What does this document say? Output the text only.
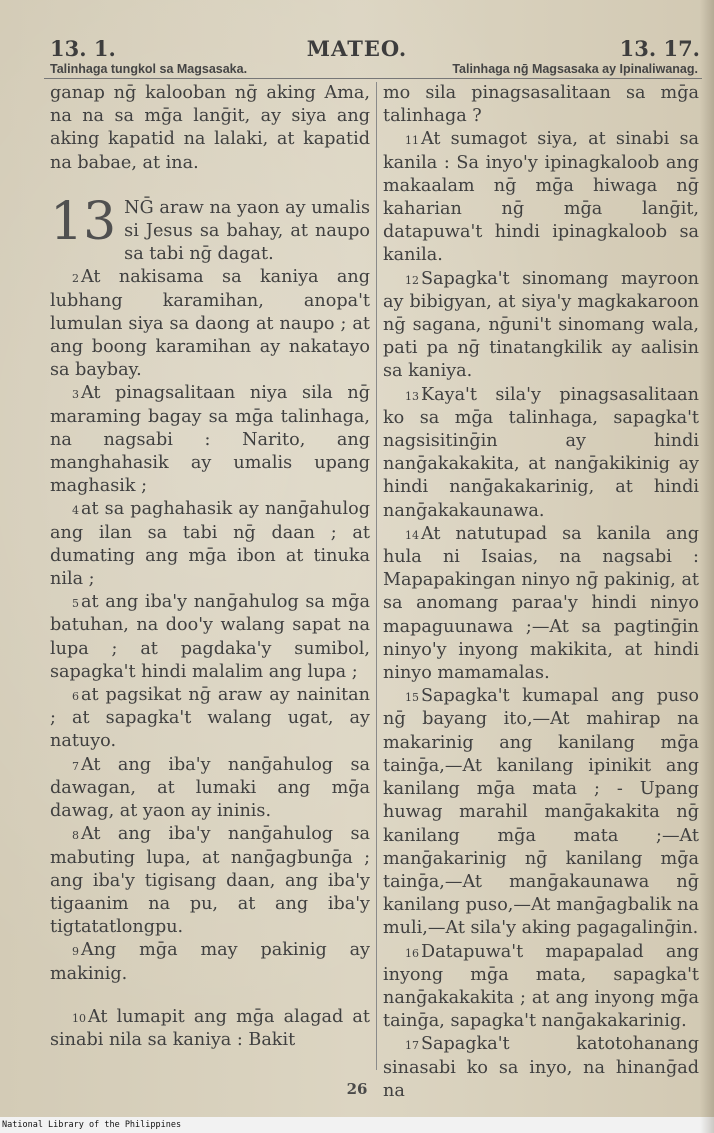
13. 1.	MATEO.	13. 17.
Talinhaga tungkol sa Magsasaka.	Talinhaga nḡ Magsasaka ay Ipinaliwanag.

ganap nḡ kalooban nḡ aking Ama, na na sa mḡa lanḡit, ay siya ang aking kapatid na lalaki, at kapatid na babae, at ina.

13 NḠ araw na yaon ay umalis si Jesus sa bahay, at naupo sa tabi nḡ dagat.

$^2$ At nakisama sa kaniya ang lubhang karamihan, anopa't lumulan siya sa daong at naupo ; at ang boong karamihan ay nakatayo sa baybay.

$^3$ At pinagsalitaan niya sila nḡ maraming bagay sa mḡa talinhaga, na nagsabi : Narito, ang manghahasik ay umalis upang maghasik ;

$^4$ at sa paghahasik ay nanḡahulog ang ilan sa tabi nḡ daan ; at dumating ang mḡa ibon at tinuka nila ;

$^5$ at ang iba'y nanḡahulog sa mḡa batuhan, na doo'y walang sapat na lupa ; at pagdaka'y sumibol, sapagka't hindi malalim ang lupa ;

$^6$ at pagsikat nḡ araw ay nainitan ; at sapagka't walang ugat, ay natuyo.

$^7$ At ang iba'y nanḡahulog sa dawagan, at lumaki ang mḡa dawag, at yaon ay ininis.

$^8$ At ang iba'y nanḡahulog sa mabuting lupa, at nanḡagbunḡa ; ang iba'y tigisang daan, ang iba'y tigaanim na pu, at ang iba'y tigtatatlongpu.

$^9$ Ang mḡa may pakinig ay makinig.

$^{10}$ At lumapit ang mḡa alagad at sinabi nila sa kaniya : Bakit

mo sila pinagsasalitaan sa mḡa talinhaga ?

$^{11}$ At sumagot siya, at sinabi sa kanila : Sa inyo'y ipinagkaloob ang makaalam nḡ mḡa hiwaga nḡ kaharian nḡ mḡa lanḡit, datapuwa't hindi ipinagkaloob sa kanila.

$^{12}$ Sapagka't sinomang mayroon ay bibigyan, at siya'y magkakaroon nḡ sagana, nḡuni't sinomang wala, pati pa nḡ tinatangkilik ay aalisin sa kaniya.

$^{13}$ Kaya't sila'y pinagsasalitaan ko sa mḡa talinhaga, sapagka't nagsisitinḡin ay hindi nanḡakakakita, at nanḡakikinig ay hindi nanḡakakarinig, at hindi nanḡakakaunawa.

$^{14}$ At natutupad sa kanila ang hula ni Isaias, na nagsabi : Mapapakingan ninyo nḡ pakinig, at sa anomang paraa'y hindi ninyo mapaguunawa ;—At sa pagtinḡin ninyo'y inyong makikita, at hindi ninyo mamamalas.

$^{15}$ Sapagka't kumapal ang puso nḡ bayang ito,—At mahirap na makarinig ang kanilang mḡa tainḡa,—At kanilang ipinikit ang kanilang mḡa mata ; - Upang huwag marahil manḡakakita nḡ kanilang mḡa mata ;—At manḡakarinig nḡ kanilang mḡa tainḡa,—At manḡakaunawa nḡ kanilang puso,—At manḡagbalik na muli,—At sila'y aking pagagalinḡin.

$^{16}$ Datapuwa't mapapalad ang inyong mḡa mata, sapagka't nanḡakakakita ; at ang inyong mḡa tainḡa, sapagka't nanḡakakarinig.

$^{17}$ Sapagka't katotohanang sinasabi ko sa inyo, na hinanḡad na

26
National Library of the Philippines
